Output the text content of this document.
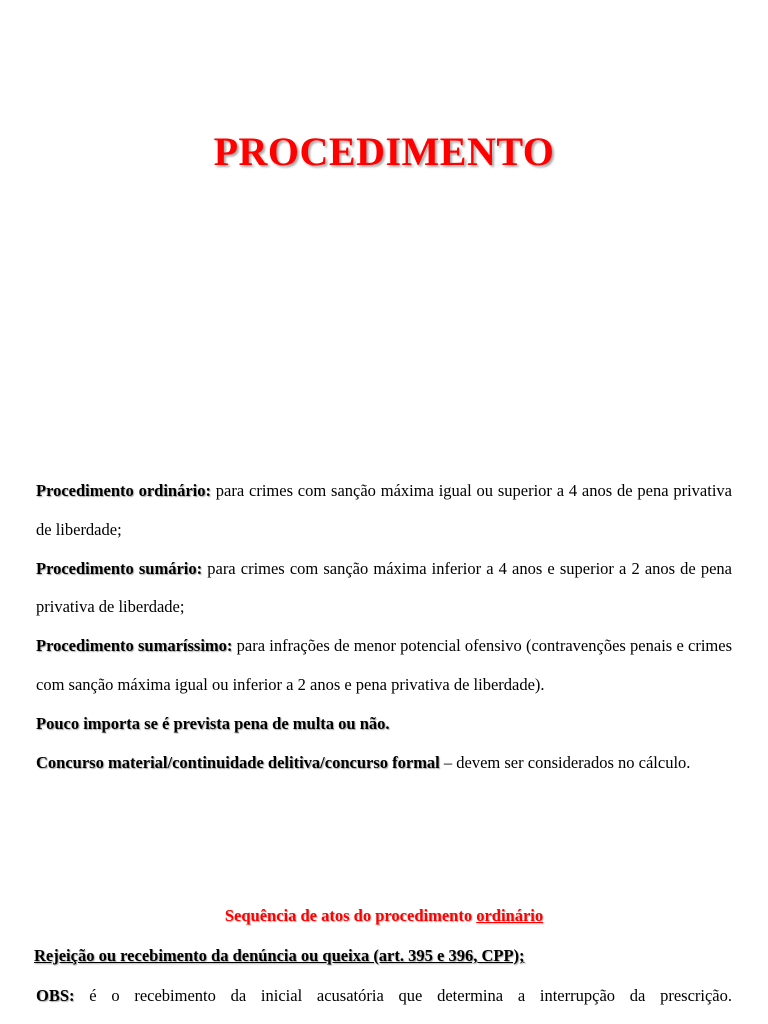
PROCEDIMENTO

Procedimento ordinário: para crimes com sanção máxima igual ou superior a 4 anos de pena privativa de liberdade;

Procedimento sumário: para crimes com sanção máxima inferior a 4 anos e superior a 2 anos de pena privativa de liberdade;

Procedimento sumaríssimo: para infrações de menor potencial ofensivo (contravenções penais e crimes com sanção máxima igual ou inferior a 2 anos e pena privativa de liberdade).

Pouco importa se é prevista pena de multa ou não.

Concurso material/continuidade delitiva/concurso formal – devem ser considerados no cálculo.

Sequência de atos do procedimento ordinário
Rejeição ou recebimento da denúncia ou queixa (art. 395 e 396, CPP);
OBS: é o recebimento da inicial acusatória que determina a interrupção da prescrição.
